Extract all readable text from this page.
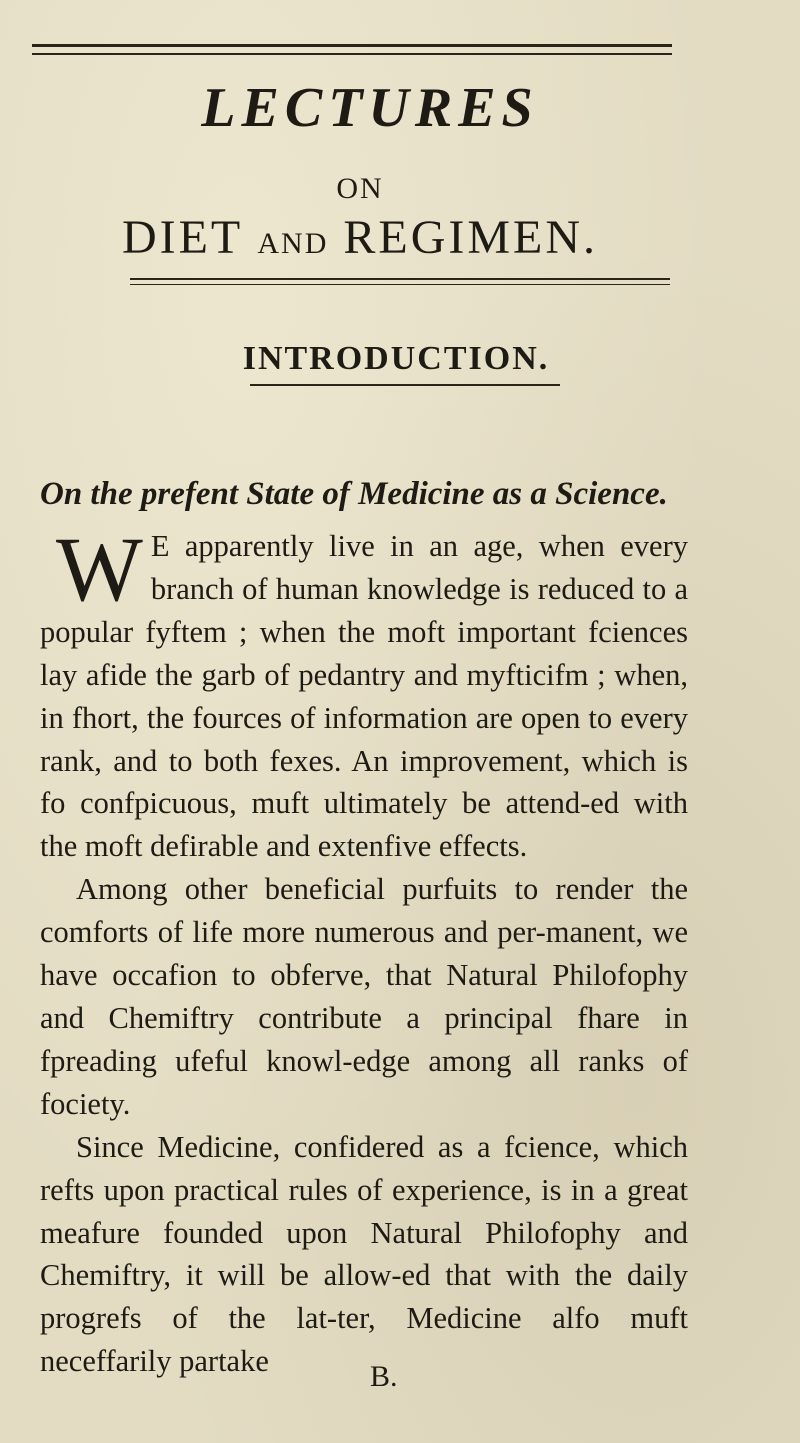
LECTURES
ON
DIET AND REGIMEN.
INTRODUCTION.
On the prefent State of Medicine as a Science.

W E apparently live in an age, when every branch of human knowledge is reduced to a popular fyftem ; when the moft important fciences lay afide the garb of pedantry and myfticifm ; when, in fhort, the fources of information are open to every rank, and to both fexes. An improvement, which is fo confpicuous, muft ultimately be attend-ed with the moft defirable and extenfive effects.

Among other beneficial purfuits to render the comforts of life more numerous and per-manent, we have occafion to obferve, that Natural Philofophy and Chemiftry contribute a principal fhare in fpreading ufeful knowl-edge among all ranks of fociety.

Since Medicine, confidered as a fcience, which refts upon practical rules of experience, is in a great meafure founded upon Natural Philofophy and Chemiftry, it will be allow-ed that with the daily progrefs of the lat-ter, Medicine alfo muft neceffarily partake	B.
